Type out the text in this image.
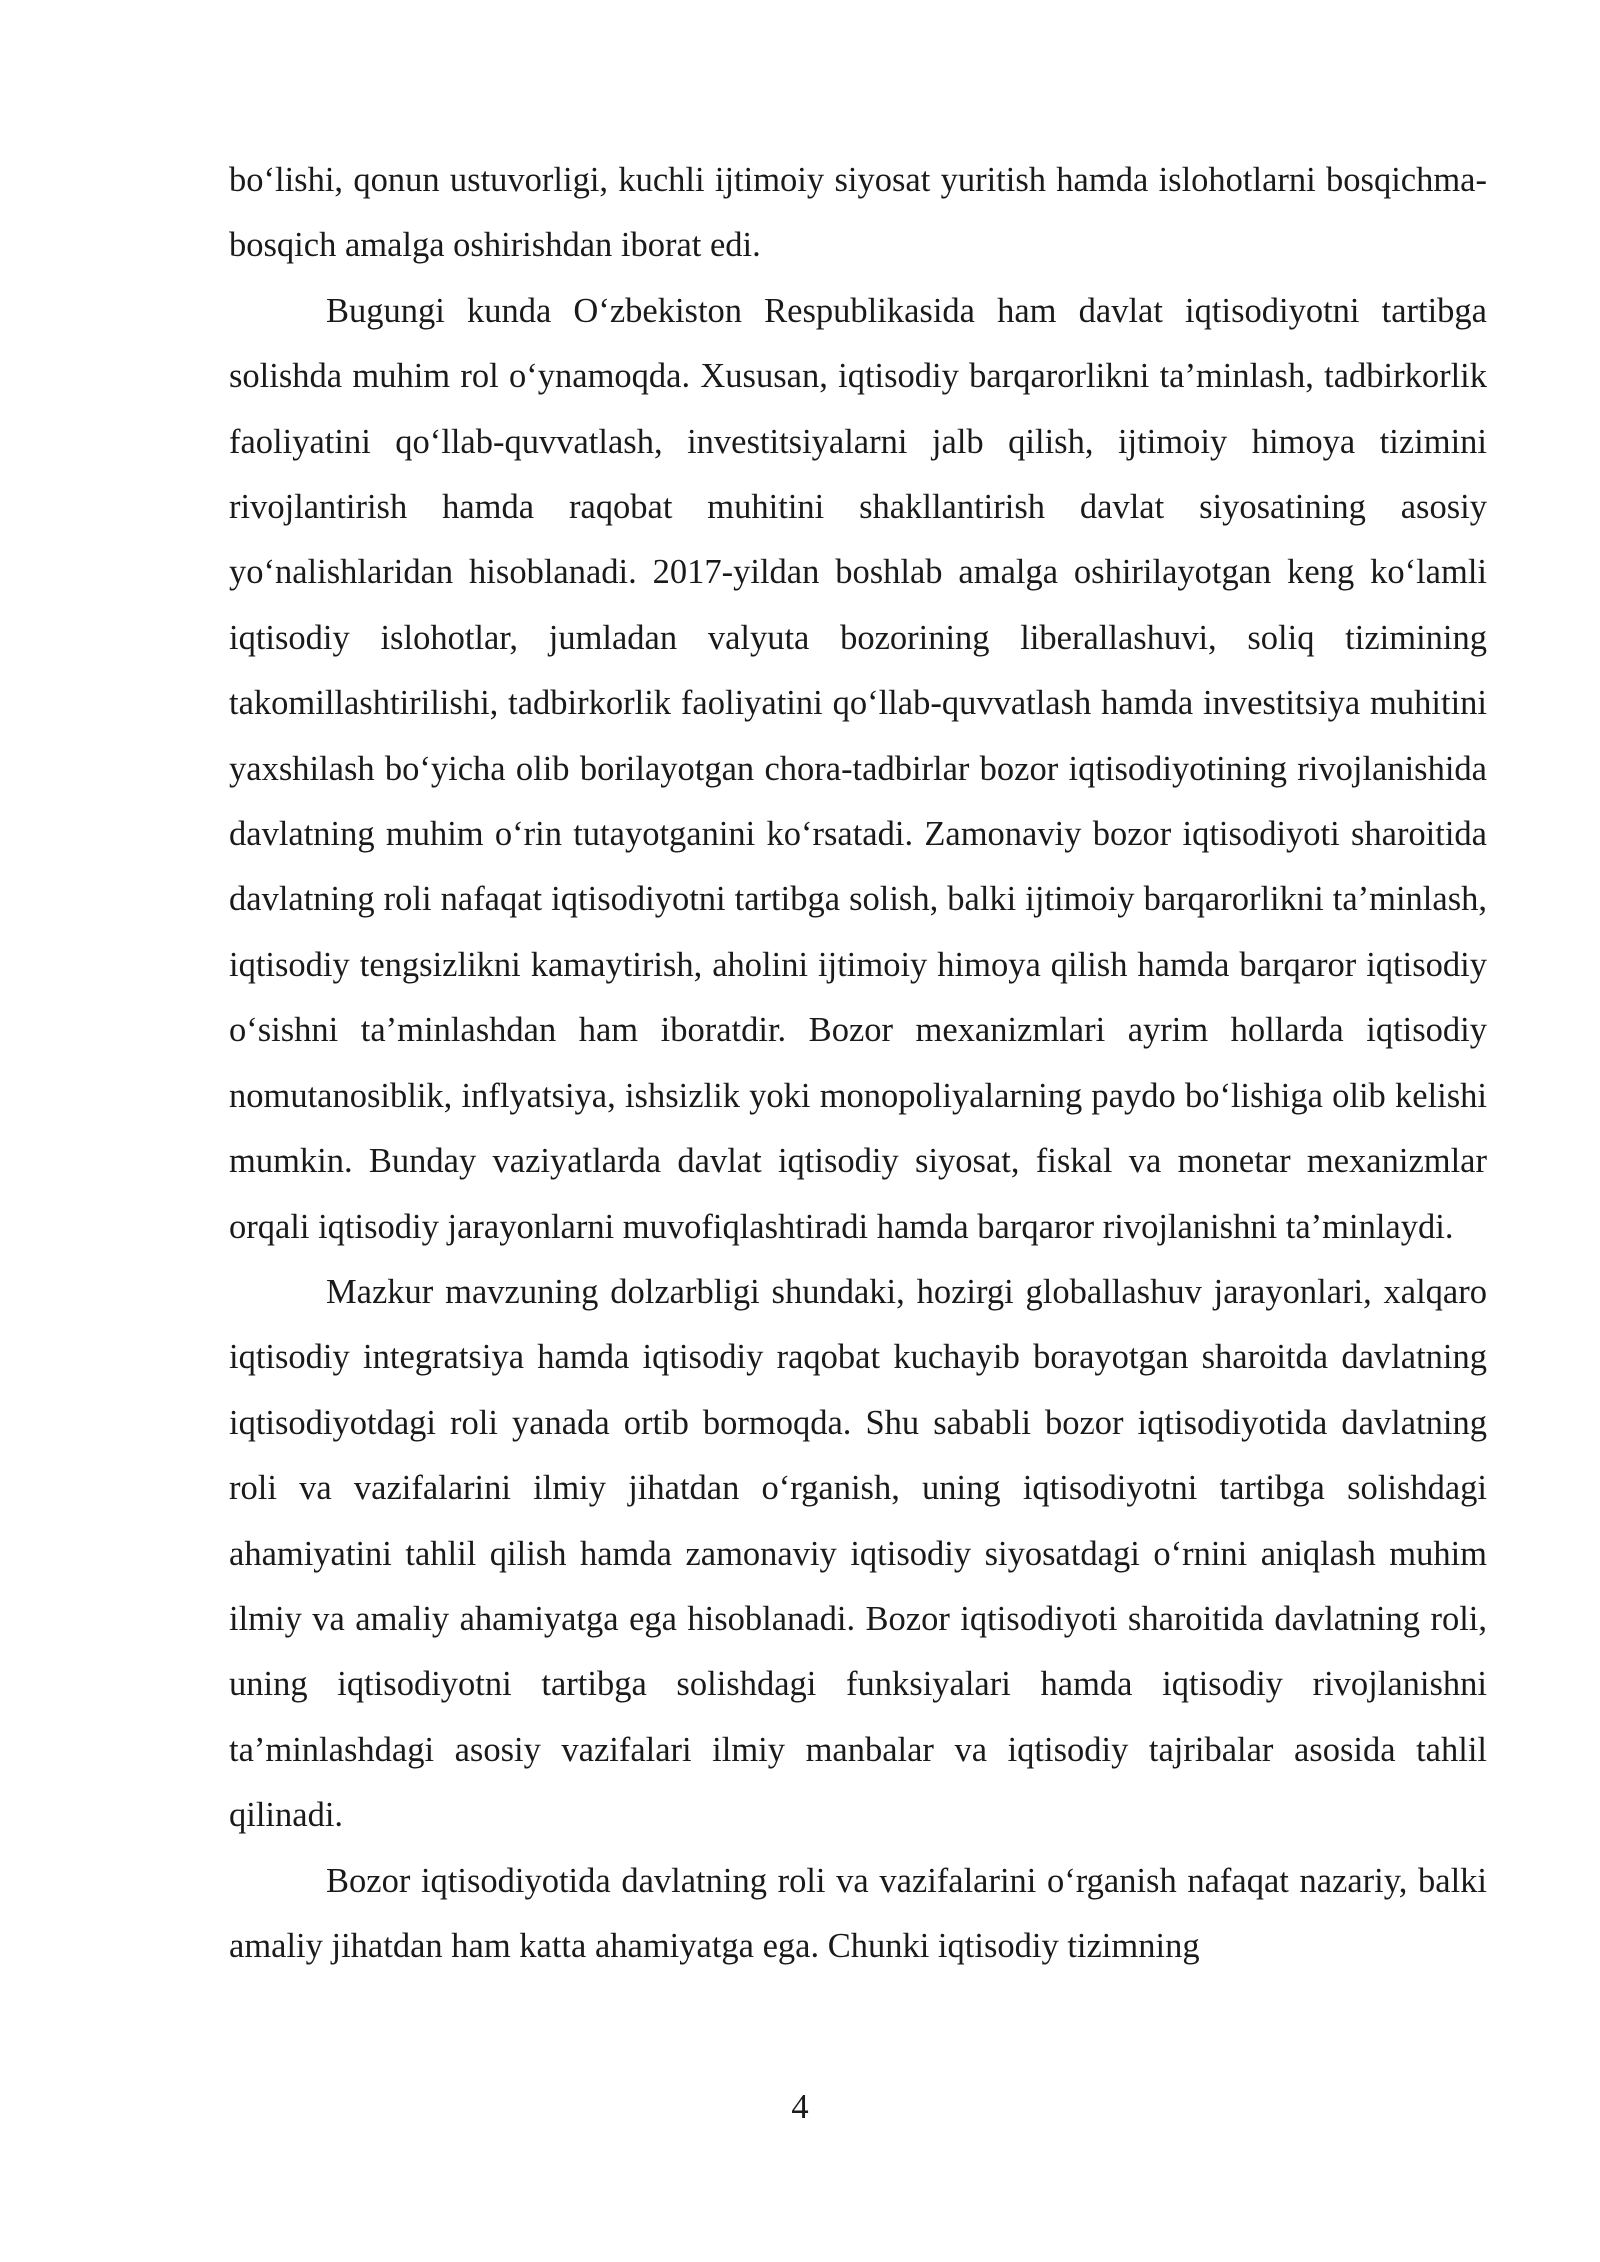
bo‘lishi, qonun ustuvorligi, kuchli ijtimoiy siyosat yuritish hamda islohotlarni bosqichma-bosqich amalga oshirishdan iborat edi.

Bugungi kunda O‘zbekiston Respublikasida ham davlat iqtisodiyotni tartibga solishda muhim rol o‘ynamoqda. Xususan, iqtisodiy barqarorlikni ta’minlash, tadbirkorlik faoliyatini qo‘llab-quvvatlash, investitsiyalarni jalb qilish, ijtimoiy himoya tizimini rivojlantirish hamda raqobat muhitini shakllantirish davlat siyosatining asosiy yo‘nalishlaridan hisoblanadi. 2017-yildan boshlab amalga oshirilayotgan keng ko‘lamli iqtisodiy islohotlar, jumladan valyuta bozorining liberallashuvi, soliq tizimining takomillashtirilishi, tadbirkorlik faoliyatini qo‘llab-quvvatlash hamda investitsiya muhitini yaxshilash bo‘yicha olib borilayotgan chora-tadbirlar bozor iqtisodiyotining rivojlanishida davlatning muhim o‘rin tutayotganini ko‘rsatadi. Zamonaviy bozor iqtisodiyoti sharoitida davlatning roli nafaqat iqtisodiyotni tartibga solish, balki ijtimoiy barqarorlikni ta’minlash, iqtisodiy tengsizlikni kamaytirish, aholini ijtimoiy himoya qilish hamda barqaror iqtisodiy o‘sishni ta’minlashdan ham iboratdir. Bozor mexanizmlari ayrim hollarda iqtisodiy nomutanosiblik, inflyatsiya, ishsizlik yoki monopoliyalarning paydo bo‘lishiga olib kelishi mumkin. Bunday vaziyatlarda davlat iqtisodiy siyosat, fiskal va monetar mexanizmlar orqali iqtisodiy jarayonlarni muvofiqlashtiradi hamda barqaror rivojlanishni ta’minlaydi.

Mazkur mavzuning dolzarbligi shundaki, hozirgi globallashuv jarayonlari, xalqaro iqtisodiy integratsiya hamda iqtisodiy raqobat kuchayib borayotgan sharoitda davlatning iqtisodiyotdagi roli yanada ortib bormoqda. Shu sababli bozor iqtisodiyotida davlatning roli va vazifalarini ilmiy jihatdan o‘rganish, uning iqtisodiyotni tartibga solishdagi ahamiyatini tahlil qilish hamda zamonaviy iqtisodiy siyosatdagi o‘rnini aniqlash muhim ilmiy va amaliy ahamiyatga ega hisoblanadi. Bozor iqtisodiyoti sharoitida davlatning roli, uning iqtisodiyotni tartibga solishdagi funksiyalari hamda iqtisodiy rivojlanishni ta’minlashdagi asosiy vazifalari ilmiy manbalar va iqtisodiy tajribalar asosida tahlil qilinadi.

Bozor iqtisodiyotida davlatning roli va vazifalarini o‘rganish nafaqat nazariy, balki amaliy jihatdan ham katta ahamiyatga ega. Chunki iqtisodiy tizimning

4
